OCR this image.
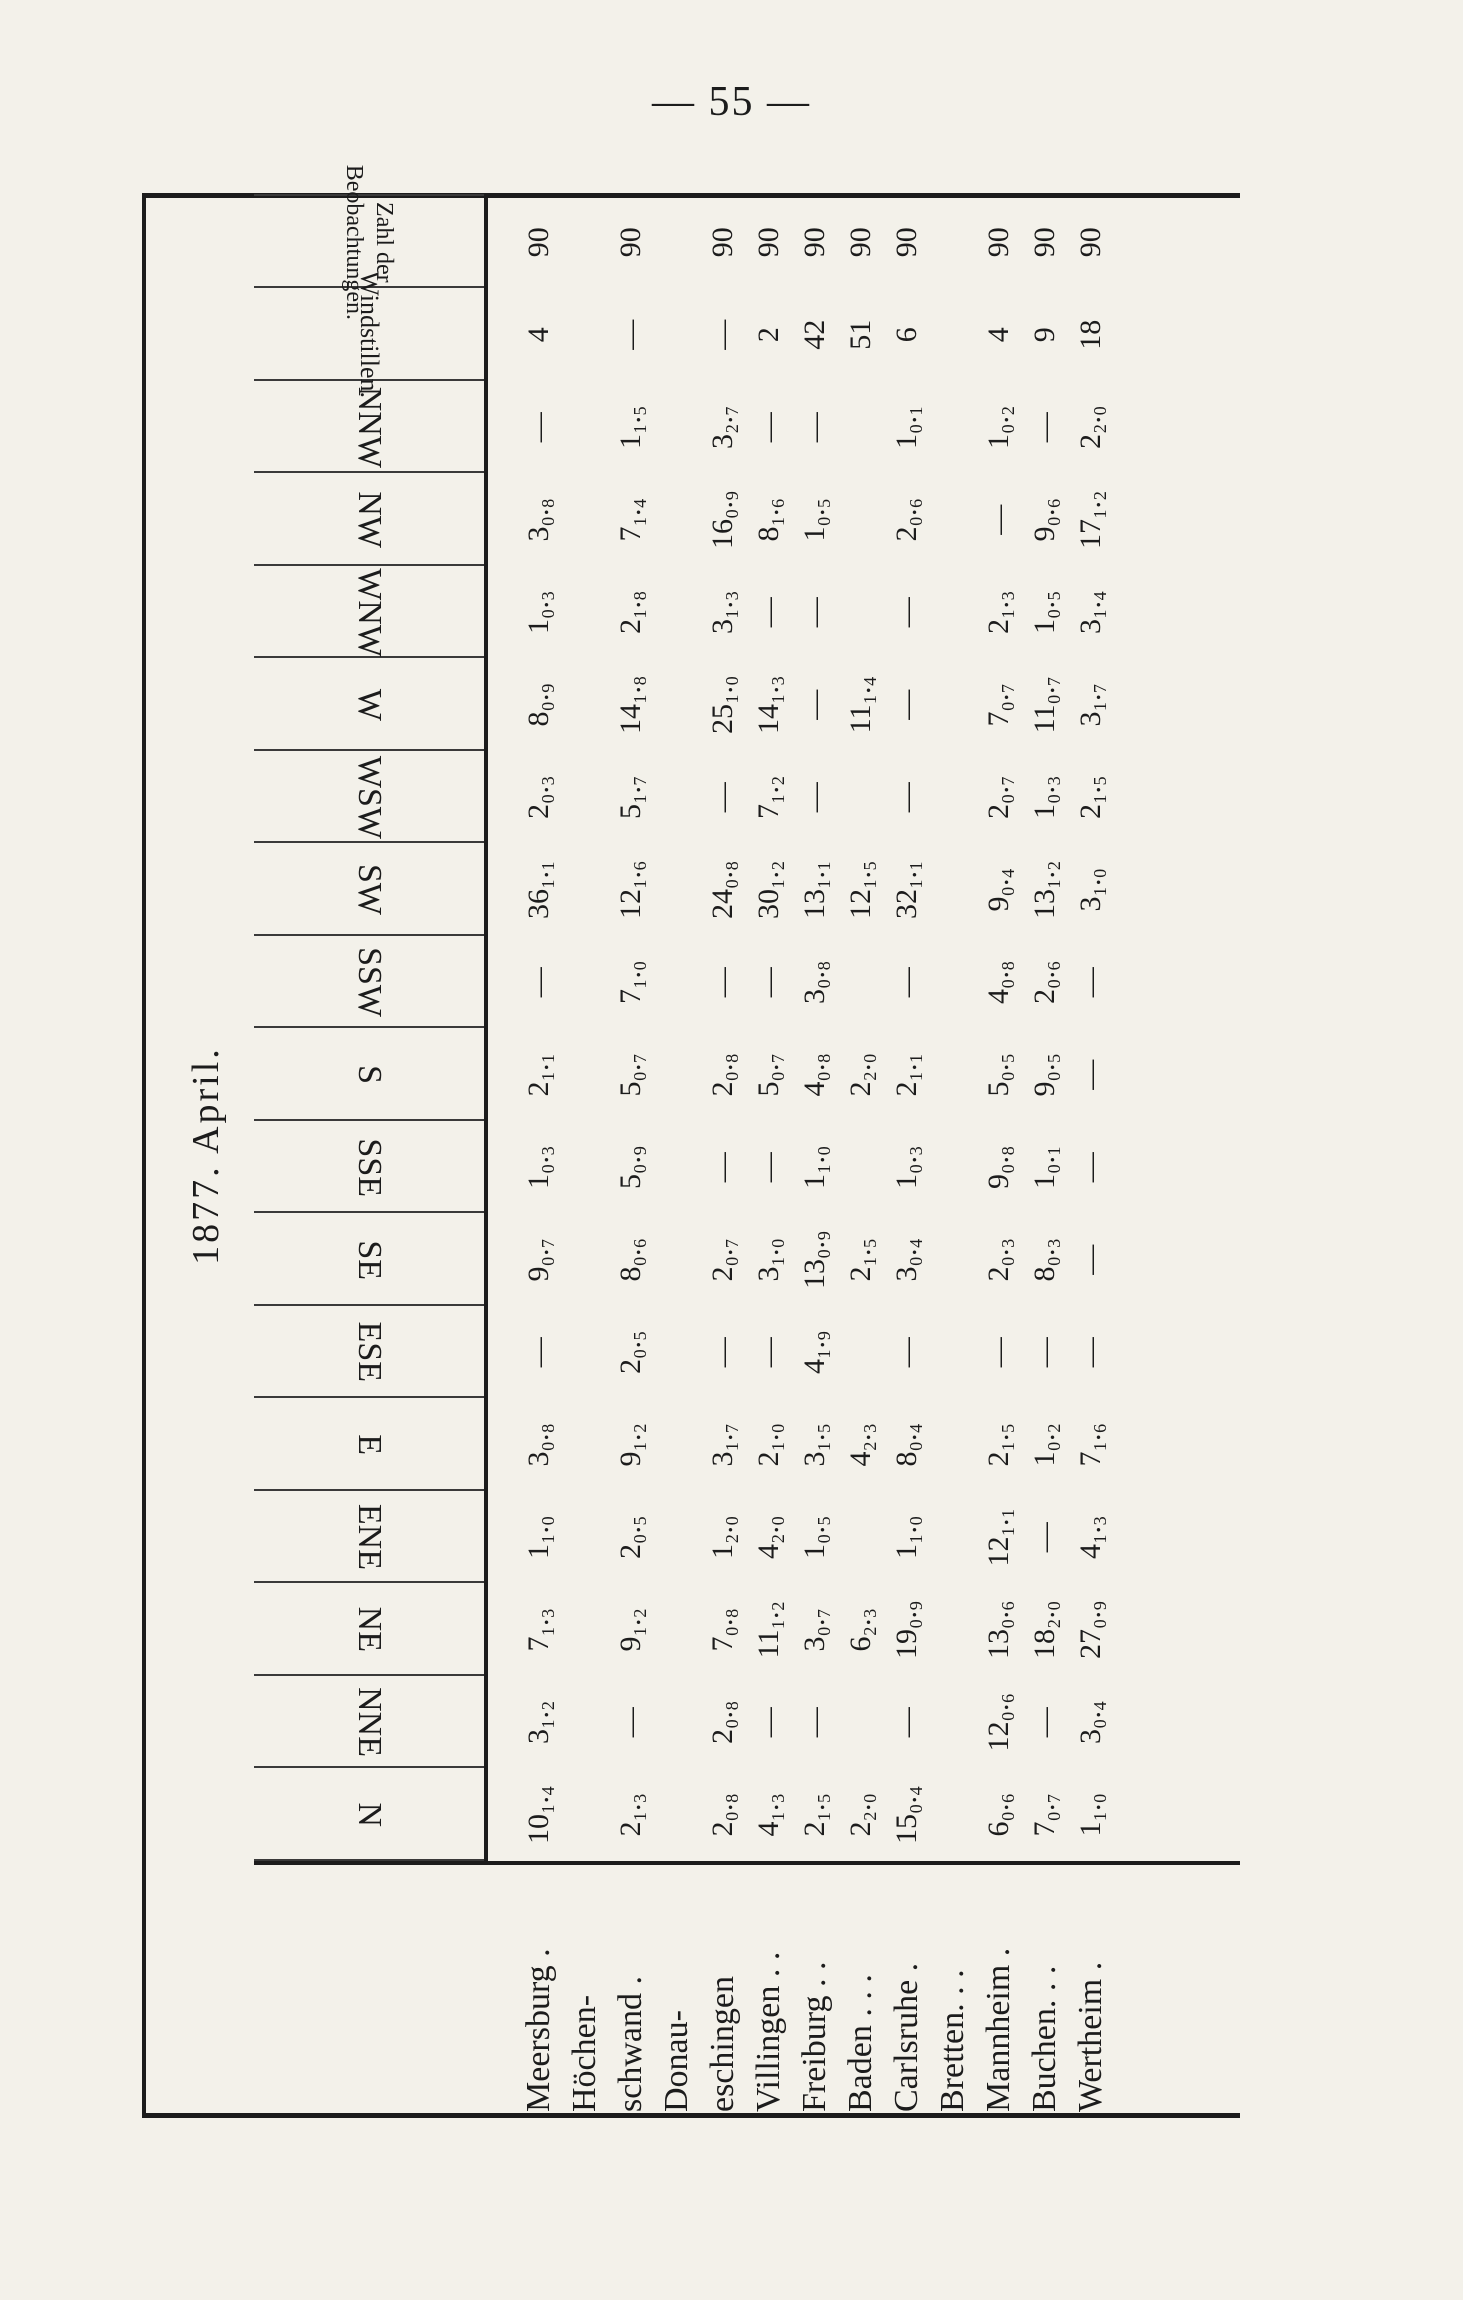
— 55 —
1877. April.
Meersburg . Höchen- schwand . Donau- eschingen Villingen . . Freiburg . . Baden . . . Carlsruhe . Bretten. . . Mannheim . Buchen. . . Wertheim .
N
NNE
NE
ENE
E
ESE
SE
SSE
S
SSW
SW
WSW
W
WNW
NW
NNW
Windstillen.
Zahl der
Beobachtungen.
10₁.₄ 2₁.₃ 2₀.₈ 4₁.₃ 2₁.₅ 2₂.₀ 15₀.₄ 6₀.₆ 7₀.₇ 1₁.₀
3₁.₂ — 2₀.₈ — — — 12₀.₆ — 3₀.₄
7₁.₃ 9₁.₂ 7₀.₈ 11₁.₂ 3₀.₇ 6₂.₃ 19₀.₉ 13₀.₆ 18₂.₀ 27₀.₉
1₁.₀ 2₀.₅ 1₂.₀ 4₂.₀ 1₀.₅ 1₁.₀ 12₁.₁ — 4₁.₃
3₀.₈ 9₁.₂ 3₁.₇ 2₁.₀ 3₁.₅ 4₂.₃ 8₀.₄ 2₁.₅ 1₀.₂ 7₁.₆
— 2₀.₅ — — 4₁.₉ — — — —
9₀.₇ 8₀.₆ 2₀.₇ 3₁.₀ 13₀.₉ 2₁.₅ 3₀.₄ 2₀.₃ 8₀.₃ —
1₀.₃ 5₀.₉ — — 1₁.₀ 1₀.₃ 9₀.₈ 1₀.₁ —
2₁.₁ 5₀.₇ 2₀.₈ 5₀.₇ 4₀.₈ 2₂.₀ 2₁.₁ 5₀.₅ 9₀.₅ —
— 7₁.₀ — — 3₀.₈ — 4₀.₈ 2₀.₆ —
36₁.₁ 12₁.₆ 24₀.₈ 30₁.₂ 13₁.₁ 12₁.₅ 32₁.₁ 9₀.₄ 13₁.₂ 3₁.₀
2₀.₃ 5₁.₇ — 7₁.₂ — — 2₀.₇ 1₀.₃ 2₁.₅
8₀.₉ 14₁.₈ 25₁.₀ 14₁.₃ — 11₁.₄ — 7₀.₇ 11₀.₇ 3₁.₇
1₀.₃ 2₁.₈ 3₁.₃ — — — 2₁.₃ 1₀.₅ 3₁.₄
3₀.₈ 7₁.₄ 16₀.₉ 8₁.₆ 1₀.₅ 2₀.₆ — 9₀.₆ 17₁.₂
— 1₁.₅ 3₂.₇ — — 1₀.₁ 1₀.₂ — 2₂.₀
4 — — 2 42 51 6 4 9 18
90 90 90 90 90 90 90 90 90 90
